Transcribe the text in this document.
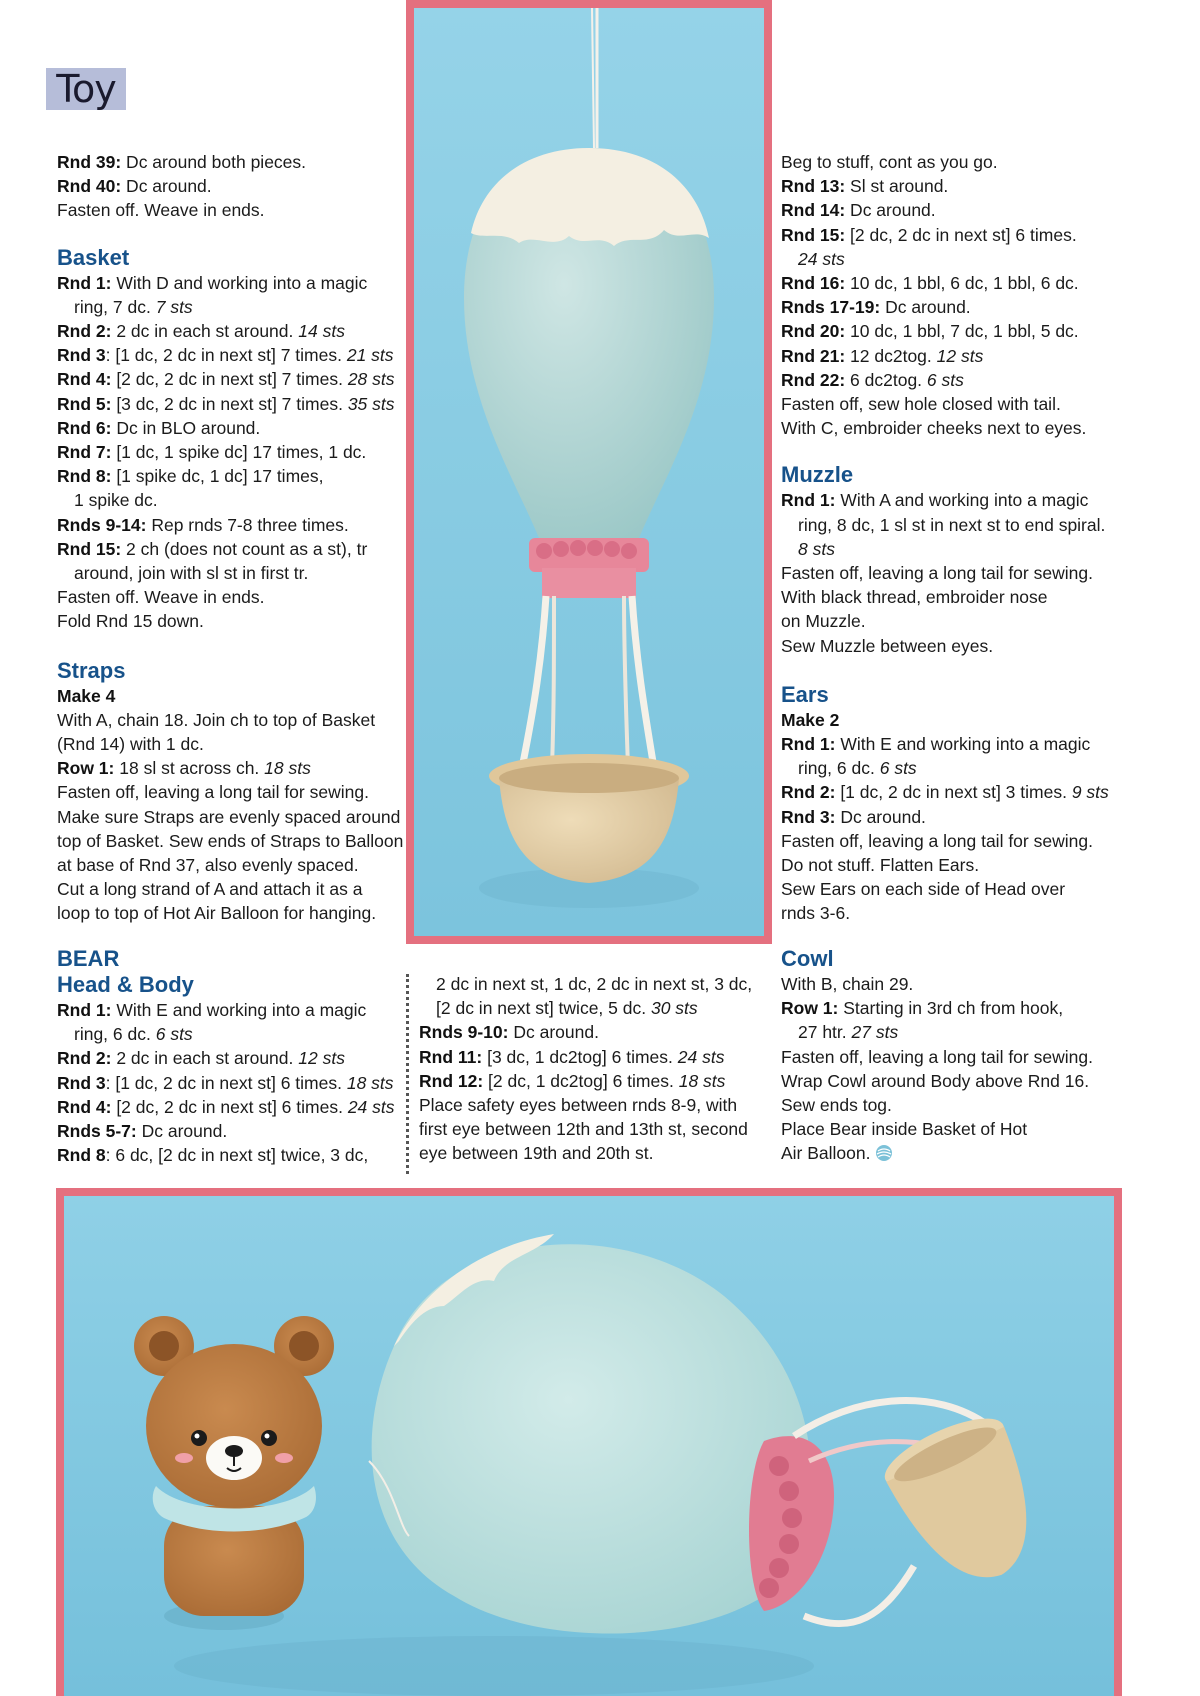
Toy

Rnd 39: Dc around both pieces.

Rnd 40: Dc around.

Fasten off. Weave in ends.

Basket

Rnd 1: With D and working into a magic

ring, 7 dc. 7 sts

Rnd 2: 2 dc in each st around. 14 sts

Rnd 3: [1 dc, 2 dc in next st] 7 times. 21 sts

Rnd 4: [2 dc, 2 dc in next st] 7 times. 28 sts

Rnd 5: [3 dc, 2 dc in next st] 7 times. 35 sts

Rnd 6: Dc in BLO around.

Rnd 7: [1 dc, 1 spike dc] 17 times, 1 dc.

Rnd 8: [1 spike dc, 1 dc] 17 times,

1 spike dc.

Rnds 9-14: Rep rnds 7-8 three times.

Rnd 15: 2 ch (does not count as a st), tr

around, join with sl st in first tr.

Fasten off. Weave in ends.

Fold Rnd 15 down.

Straps

Make 4

With A, chain 18. Join ch to top of Basket

(Rnd 14) with 1 dc.

Row 1: 18 sl st across ch. 18 sts

Fasten off, leaving a long tail for sewing.

Make sure Straps are evenly spaced around

top of Basket. Sew ends of Straps to Balloon

at base of Rnd 37, also evenly spaced.

Cut a long strand of A and attach it as a

loop to top of Hot Air Balloon for hanging.

BEAR
Head & Body

Rnd 1: With E and working into a magic

ring, 6 dc. 6 sts

Rnd 2: 2 dc in each st around. 12 sts

Rnd 3: [1 dc, 2 dc in next st] 6 times. 18 sts

Rnd 4: [2 dc, 2 dc in next st] 6 times. 24 sts

Rnds 5-7: Dc around.

Rnd 8: 6 dc, [2 dc in next st] twice, 3 dc,

2 dc in next st, 1 dc, 2 dc in next st, 3 dc,

[2 dc in next st] twice, 5 dc. 30 sts

Rnds 9-10: Dc around.

Rnd 11: [3 dc, 1 dc2tog] 6 times. 24 sts

Rnd 12: [2 dc, 1 dc2tog] 6 times. 18 sts

Place safety eyes between rnds 8-9, with

first eye between 12th and 13th st, second

eye between 19th and 20th st.

Beg to stuff, cont as you go.

Rnd 13: Sl st around.

Rnd 14: Dc around.

Rnd 15: [2 dc, 2 dc in next st] 6 times.

24 sts

Rnd 16: 10 dc, 1 bbl, 6 dc, 1 bbl, 6 dc.

Rnds 17-19: Dc around.

Rnd 20: 10 dc, 1 bbl, 7 dc, 1 bbl, 5 dc.

Rnd 21: 12 dc2tog. 12 sts

Rnd 22: 6 dc2tog. 6 sts

Fasten off, sew hole closed with tail.

With C, embroider cheeks next to eyes.

Muzzle

Rnd 1: With A and working into a magic

ring, 8 dc, 1 sl st in next st to end spiral.

8 sts

Fasten off, leaving a long tail for sewing.

With black thread, embroider nose

on Muzzle.

Sew Muzzle between eyes.

Ears

Make 2

Rnd 1: With E and working into a magic

ring, 6 dc. 6 sts

Rnd 2: [1 dc, 2 dc in next st] 3 times. 9 sts

Rnd 3: Dc around.

Fasten off, leaving a long tail for sewing.

Do not stuff. Flatten Ears.

Sew Ears on each side of Head over

rnds 3-6.

Cowl

With B, chain 29.

Row 1: Starting in 3rd ch from hook,

27 htr. 27 sts

Fasten off, leaving a long tail for sewing.

Wrap Cowl around Body above Rnd 16.

Sew ends tog.

Place Bear inside Basket of Hot

Air Balloon.
